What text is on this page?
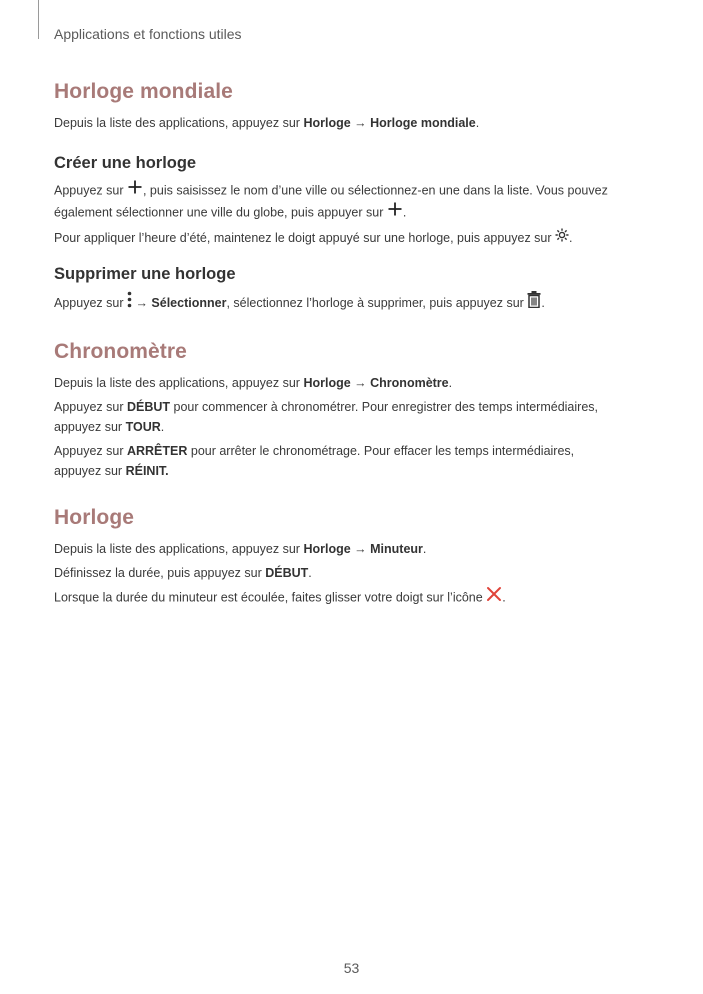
Applications et fonctions utiles
Horloge mondiale

Depuis la liste des applications, appuyez sur Horloge → Horloge mondiale.

Créer une horloge

Appuyez sur , puis saisissez le nom d’une ville ou sélectionnez-en une dans la liste. Vous pouvez
également sélectionner une ville du globe, puis appuyer sur .

Pour appliquer l’heure d’été, maintenez le doigt appuyé sur une horloge, puis appuyez sur .

Supprimer une horloge

Appuyez sur  → Sélectionner, sélectionnez l’horloge à supprimer, puis appuyez sur .

Chronomètre

Depuis la liste des applications, appuyez sur Horloge → Chronomètre.

Appuyez sur DÉBUT pour commencer à chronométrer. Pour enregistrer des temps intermédiaires,
appuyez sur TOUR.

Appuyez sur ARRÊTER pour arrêter le chronométrage. Pour effacer les temps intermédiaires,
appuyez sur RÉINIT.

Horloge

Depuis la liste des applications, appuyez sur Horloge → Minuteur.

Définissez la durée, puis appuyez sur DÉBUT.

Lorsque la durée du minuteur est écoulée, faites glisser votre doigt sur l’icône .

53
